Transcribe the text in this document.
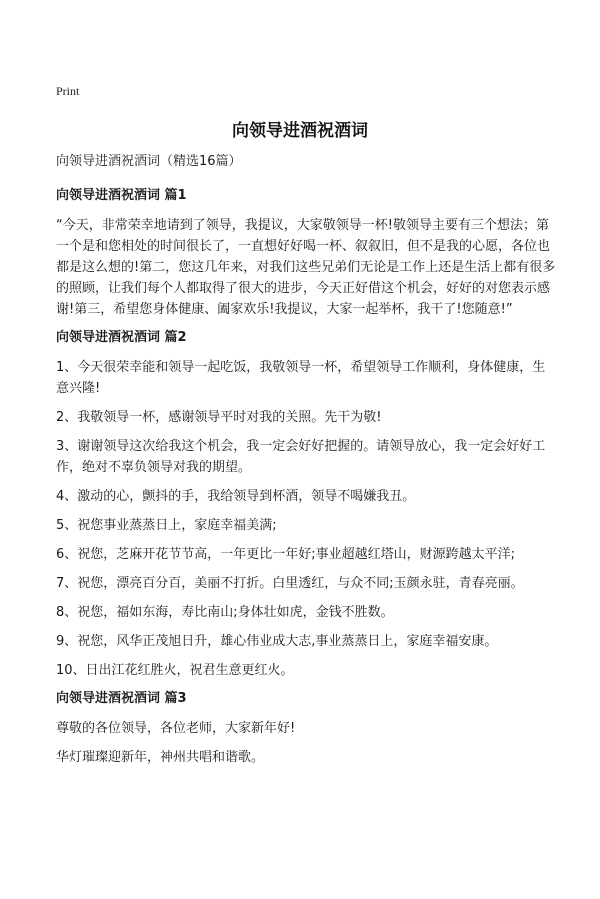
Print
向领导进酒祝酒词
向领导进酒祝酒词（精选16篇）
向领导进酒祝酒词 篇1

“今天，非常荣幸地请到了领导，我提议，大家敬领导一杯!敬领导主要有三个想法；第一个是和您相处的时间很长了，一直想好好喝一杯、叙叙旧，但不是我的心愿，各位也都是这么想的!第二，您这几年来，对我们这些兄弟们无论是工作上还是生活上都有很多的照顾，让我们每个人都取得了很大的进步，今天正好借这个机会，好好的对您表示感谢!第三，希望您身体健康、阖家欢乐!我提议，大家一起举杯，我干了!您随意!”

向领导进酒祝酒词 篇2

1、今天很荣幸能和领导一起吃饭，我敬领导一杯，希望领导工作顺利，身体健康，生意兴隆!

2、我敬领导一杯，感谢领导平时对我的关照。先干为敬!

3、谢谢领导这次给我这个机会，我一定会好好把握的。请领导放心，我一定会好好工作，绝对不辜负领导对我的期望。

4、激动的心，颤抖的手，我给领导到杯酒，领导不喝嫌我丑。

5、祝您事业蒸蒸日上，家庭幸福美满;

6、祝您，芝麻开花节节高，一年更比一年好;事业超越红塔山，财源跨越太平洋;

7、祝您，漂亮百分百，美丽不打折。白里透红，与众不同;玉颜永驻，青春亮丽。

8、祝您，福如东海，寿比南山;身体壮如虎，金钱不胜数。

9、祝您，风华正茂旭日升，雄心伟业成大志,事业蒸蒸日上，家庭幸福安康。

10、日出江花红胜火，祝君生意更红火。

向领导进酒祝酒词 篇3

尊敬的各位领导，各位老师，大家新年好!

华灯璀璨迎新年，神州共唱和谐歌。
